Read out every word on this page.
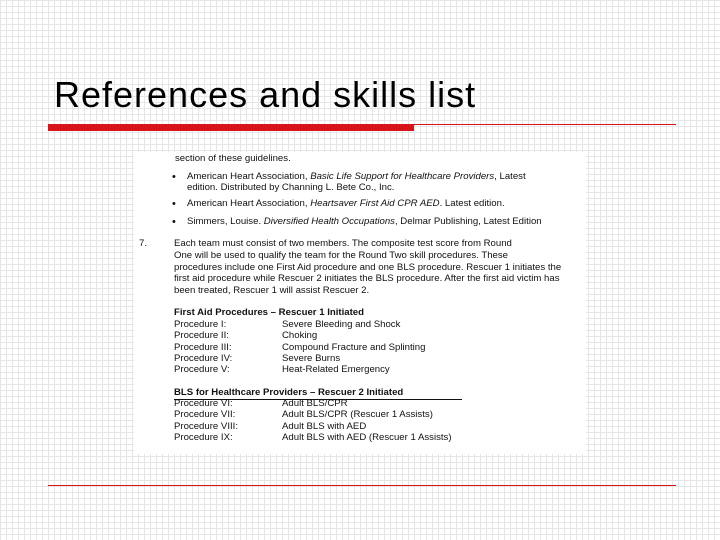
References and skills list
section of these guidelines.
• American Heart Association, Basic Life Support for Healthcare Providers, Latest
edition. Distributed by Channing L. Bete Co., Inc.
• American Heart Association, Heartsaver First Aid CPR AED. Latest edition.
• Simmers, Louise. Diversified Health Occupations, Delmar Publishing, Latest Edition
7.	Each team must consist of two members. The composite test score from Round
One will be used to qualify the team for the Round Two skill procedures. These
procedures include one First Aid procedure and one BLS procedure. Rescuer 1 initiates the
first aid procedure while Rescuer 2 initiates the BLS procedure. After the first aid victim has
been treated, Rescuer 1 will assist Rescuer 2.
First Aid Procedures – Rescuer 1 Initiated
Procedure I:	Severe Bleeding and Shock
Procedure II:	Choking
Procedure III:	Compound Fracture and Splinting
Procedure IV:	Severe Burns
Procedure V:	Heat-Related Emergency
BLS for Healthcare Providers – Rescuer 2 Initiated
Procedure VI:	Adult BLS/CPR
Procedure VII:	Adult BLS/CPR (Rescuer 1 Assists)
Procedure VIII:	Adult BLS with AED
Procedure IX:	Adult BLS with AED (Rescuer 1 Assists)
